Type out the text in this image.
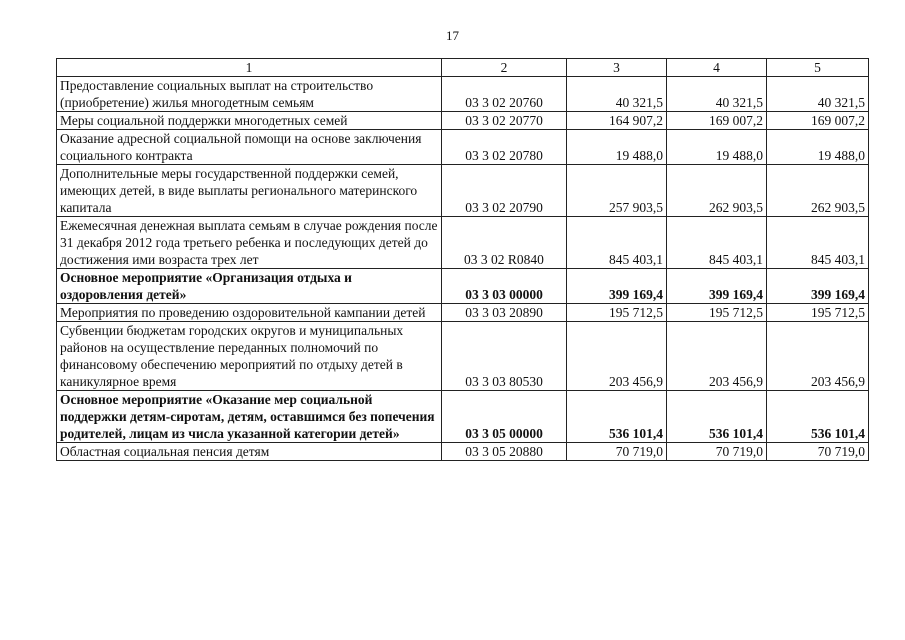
17
1	2	3	4	5
Предоставление социальных выплат на строительство (приобретение) жилья многодетным семьям	03 3 02 20760	40 321,5	40 321,5	40 321,5
Меры социальной поддержки многодетных семей	03 3 02 20770	164 907,2	169 007,2	169 007,2
Оказание адресной социальной помощи на основе заключения социального контракта	03 3 02 20780	19 488,0	19 488,0	19 488,0
Дополнительные меры государственной поддержки семей, имеющих детей, в виде выплаты региональногo материнского капитала	03 3 02 20790	257 903,5	262 903,5	262 903,5
Ежемесячная денежная выплата семьям в случае рождения после 31 декабря 2012 года третьего ребенка и последующих детей до достижения ими возраста трех лет	03 3 02 R0840	845 403,1	845 403,1	845 403,1
Основное мероприятие «Организация отдыха и оздоровления детей»	03 3 03 00000	399 169,4	399 169,4	399 169,4
Мероприятия по проведению оздоровительной кампании детей	03 3 03 20890	195 712,5	195 712,5	195 712,5
Субвенции бюджетам городских округов и муниципальных районов на осуществление переданных полномочий по финансовому обеспечению мероприятий по отдыху детей в каникулярное время	03 3 03 80530	203 456,9	203 456,9	203 456,9
Основное мероприятие «Оказание мер социальной поддержки детям-сиротам, детям, оставшимся без попечения родителей, лицам из числа указанной категории детей»	03 3 05 00000	536 101,4	536 101,4	536 101,4
Областная социальная пенсия детям	03 3 05 20880	70 719,0	70 719,0	70 719,0
